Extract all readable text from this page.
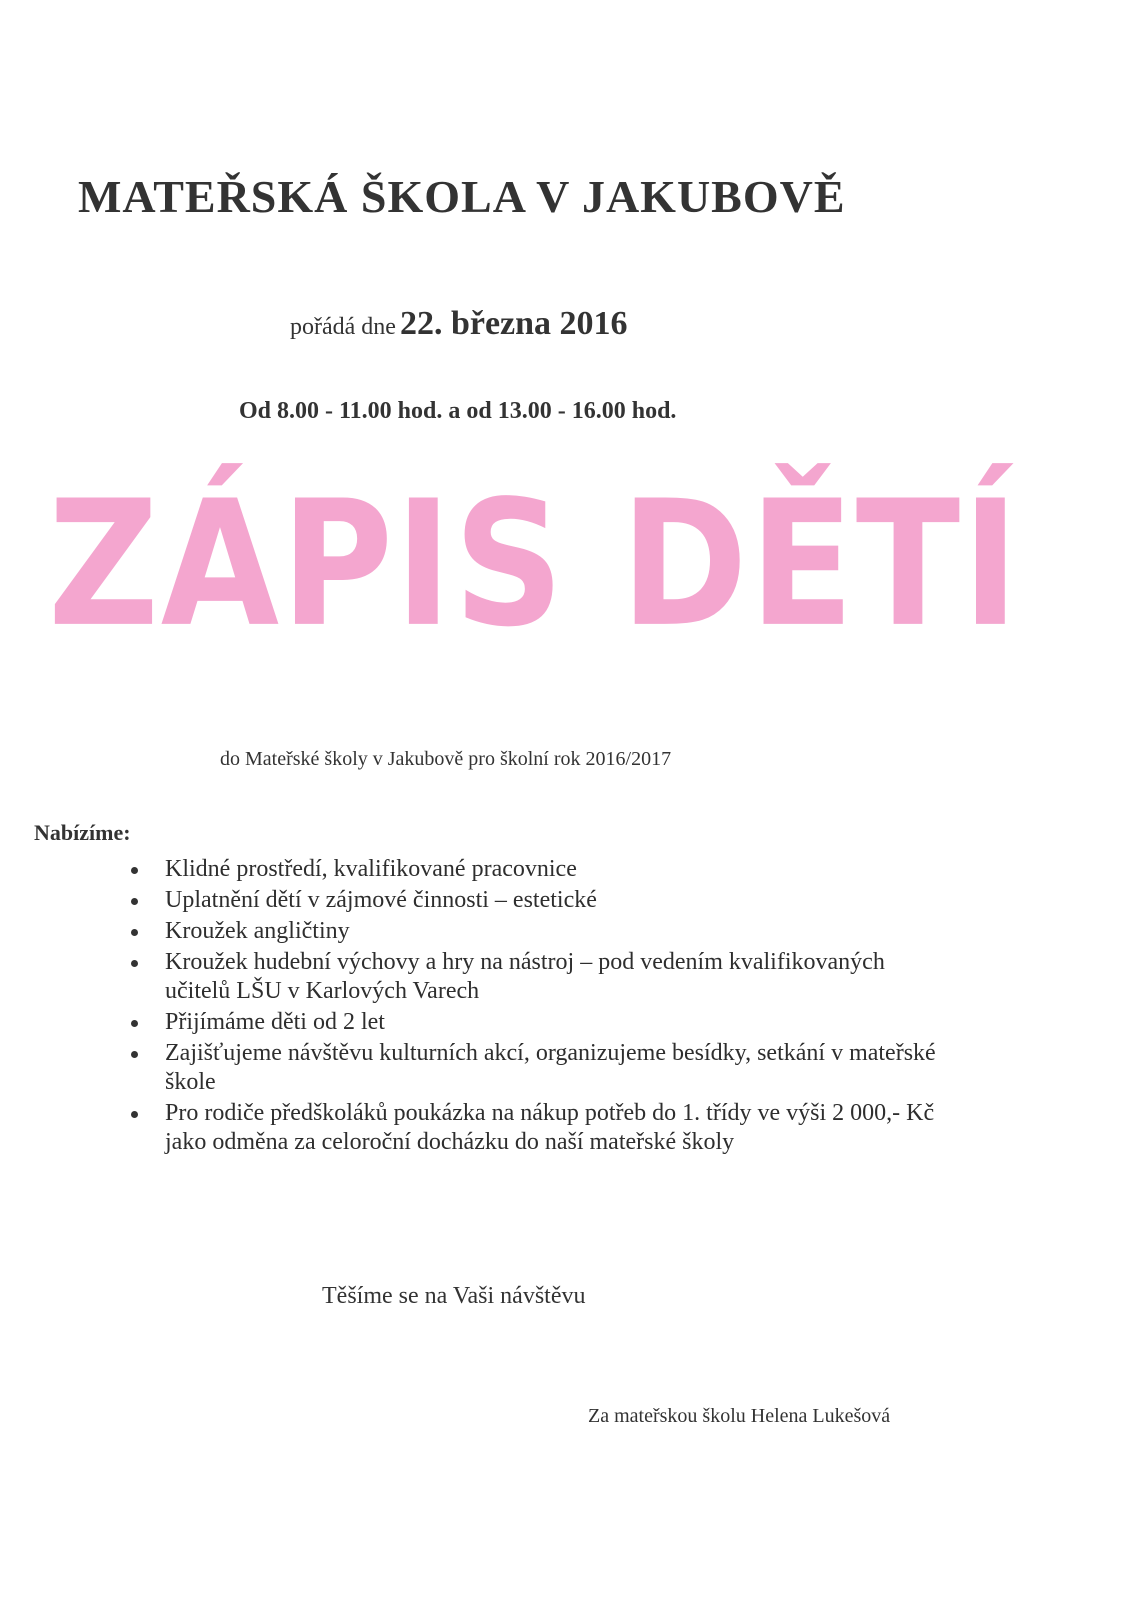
MATEŘSKÁ ŠKOLA V JAKUBOVĚ

pořádá dne 22. března 2016

Od 8.00 - 11.00 hod. a od 13.00 - 16.00 hod.

ZÁPIS DĚTÍ

do Mateřské školy v Jakubově pro školní rok 2016/2017

Nabízíme:

Klidné prostředí, kvalifikované pracovnice
Uplatnění dětí v zájmové činnosti – estetické
Kroužek angličtiny
Kroužek hudební výchovy a hry na nástroj – pod vedením kvalifikovaných učitelů LŠU v Karlových Varech
Přijímáme děti od 2 let
Zajišťujeme návštěvu kulturních akcí, organizujeme besídky, setkání v mateřské škole
Pro rodiče předškoláků poukázka na nákup potřeb do 1. třídy ve výši 2 000,- Kč jako odměna za celoroční docházku do naší mateřské školy

Těšíme se na Vaši návštěvu

Za mateřskou školu Helena Lukešová
